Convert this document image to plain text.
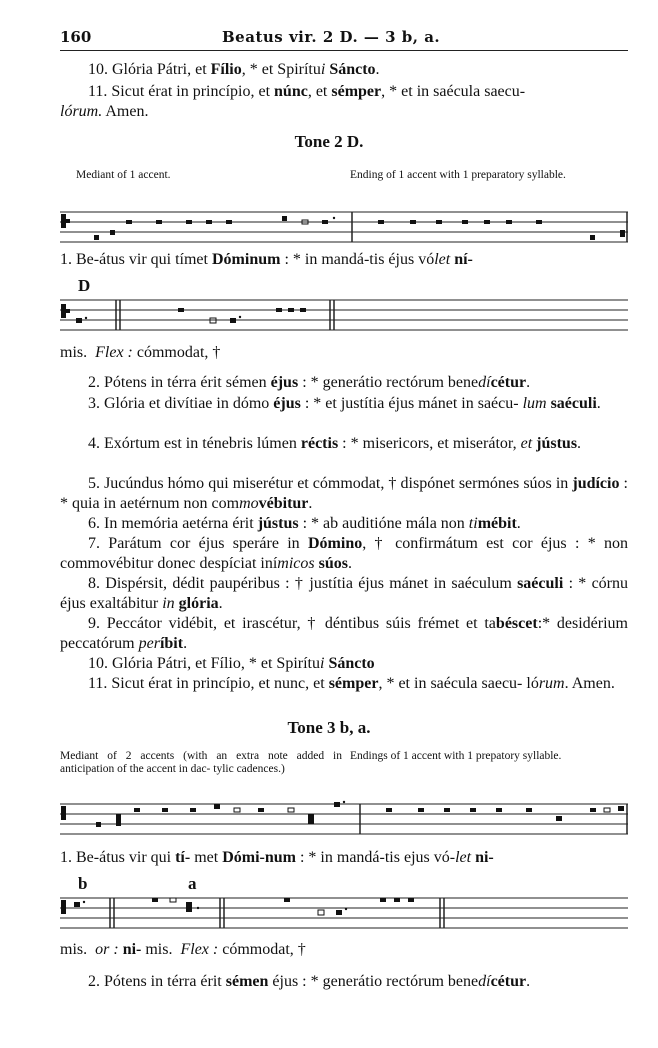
160	Beatus vir. 2 D. — 3 b, a.
10. Glória Pátri, et Fílio, * et Spirítui Sáncto.
11. Sicut érat in princípio, et núnc, et sémper, * et in saécula saecu-
lórum. Amen.
Tone 2 D.
Mediant of 1 accent.	Ending of 1 accent with 1 preparatory syllable.
1. Be-átus vir qui tímet Dóminum : * in mandá-tis éjus vólet ní-
D
mis.  Flex : cómmodat, †
2. Pótens in térra érit sémen éjus : * generátio rectórum benedícétur.
3. Glória et divítiae in dómo éjus : * et justítia éjus mánet in saécu- lum saéculi.
4. Exórtum est in ténebris lúmen réctis : * misericors, et miserátor, et jústus.
5. Jucúndus hómo qui miserétur et cómmodat, † dispónet sermónes súos in judício : * quia in aetérnum non commovébitur.
6. In memória aetérna érit jústus : * ab auditióne mála non timébit.
7. Parátum cor éjus speráre in Dómino, † confirmátum est cor éjus : * non commovébitur donec despíciat inímicos súos.
8. Dispérsit, dédit paupéribus : † justítia éjus mánet in saéculum saéculi : * córnu éjus exaltábitur in glória.
9. Peccátor vidébit, et irascétur, † déntibus súis frémet et tabéscet:* desidérium peccatórum períbit.
10. Glória Pátri, et Fílio, * et Spirítui Sáncto
11. Sicut érat in princípio, et nunc, et sémper, * et in saécula saecu- lórum. Amen.
Tone 3 b, a.
Mediant of 2 accents (with an extra note added in anticipation of the accent in dac- tylic cadences.)
Endings of 1 accent with 1 prepatory syllable.
1. Be-átus vir qui tí- met Dómi-num : * in mandá-tis ejus vó-let ni-
b	a
mis.  or : ni- mis.  Flex : cómmodat, †
2. Pótens in térra érit sémen éjus : * generátio rectórum benedícétur.
